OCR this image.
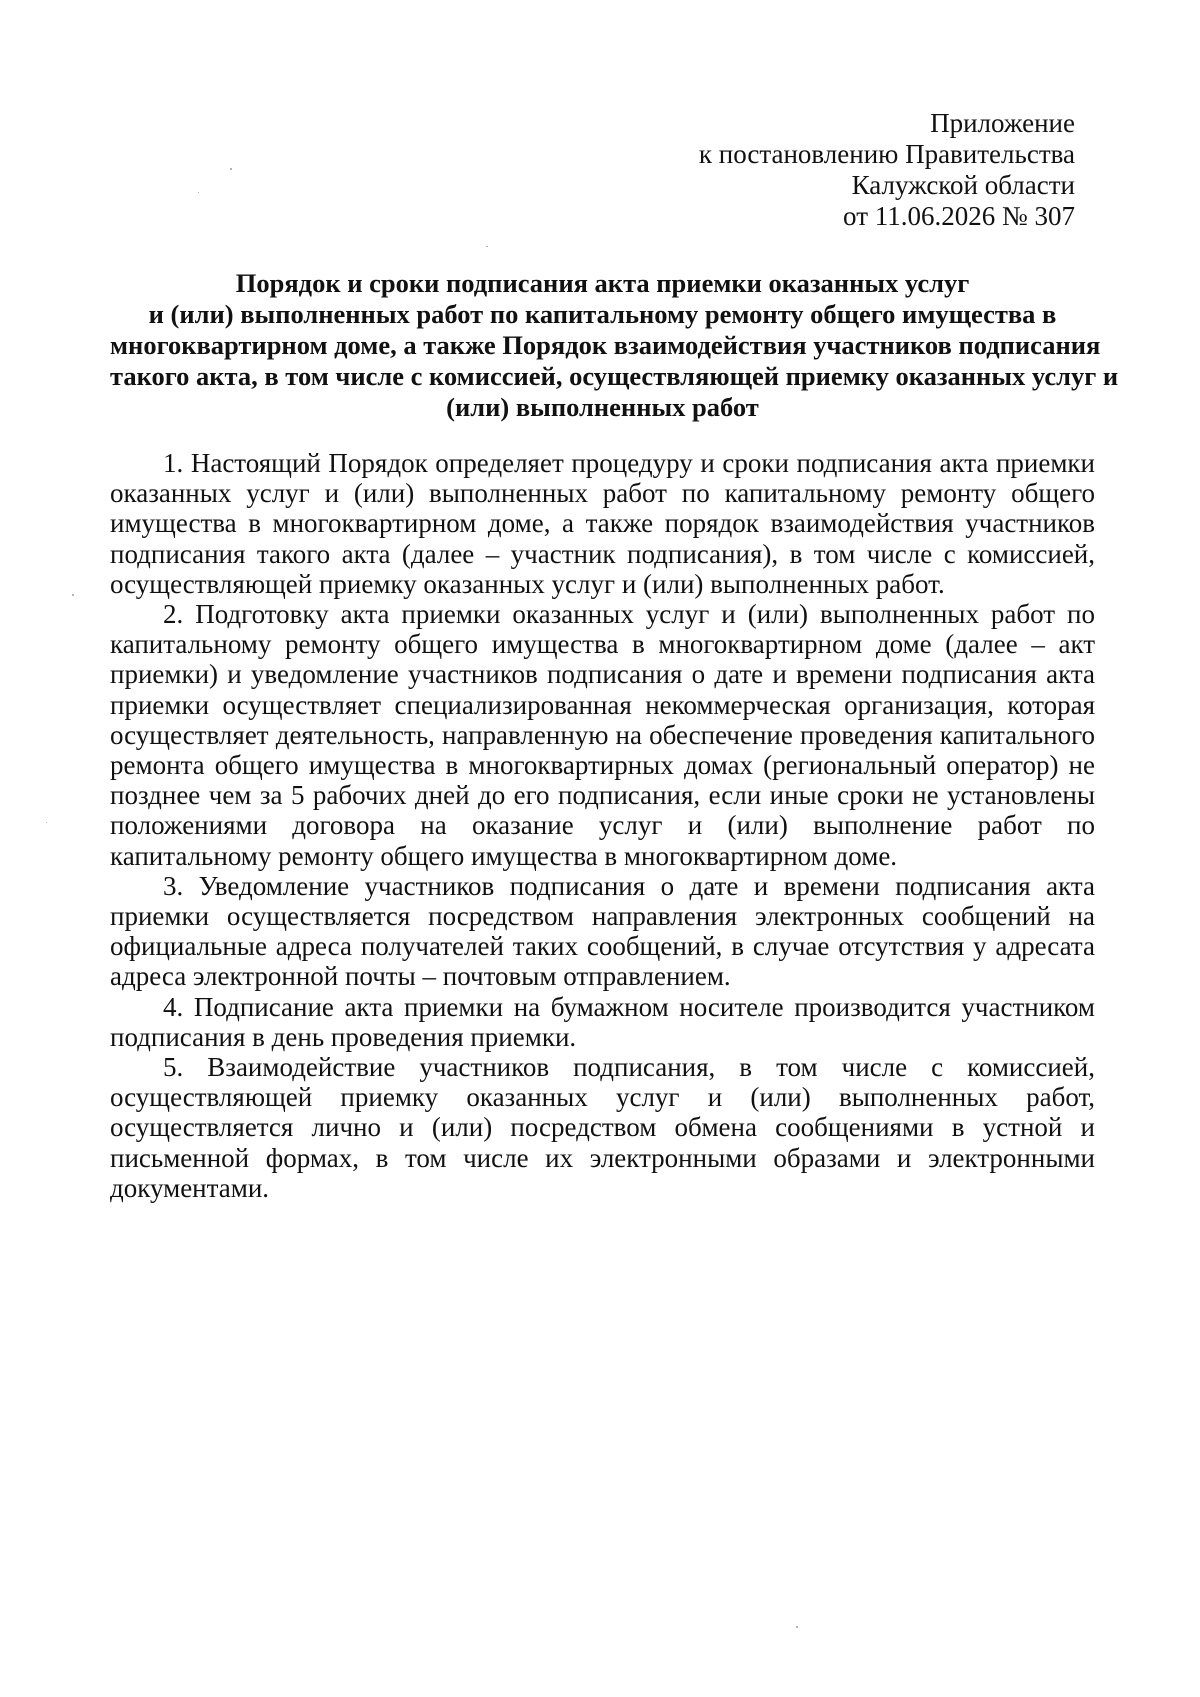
Приложение
к постановлению Правительства
Калужской области
от 11.06.2026 № 307
Порядок и сроки подписания акта приемки оказанных услуг
и (или) выполненных работ по капитальному ремонту общего имущества в
многоквартирном доме, а также Порядок взаимодействия участников подписания
такого акта, в том числе с комиссией, осуществляющей приемку оказанных услуг и
(или) выполненных работ

1. Настоящий Порядок определяет процедуру и сроки подписания акта приемки оказанных услуг и (или) выполненных работ по капитальному ремонту общего имущества в многоквартирном доме, а также порядок взаимодействия участников подписания такого акта (далее – участник подписания), в том числе с комиссией, осуществляющей приемку оказанных услуг и (или) выполненных работ.

2. Подготовку акта приемки оказанных услуг и (или) выполненных работ по капитальному ремонту общего имущества в многоквартирном доме (далее – акт приемки) и уведомление участников подписания о дате и времени подписания акта приемки осуществляет специализированная некоммерческая организация, которая осуществляет деятельность, направленную на обеспечение проведения капитального ремонта общего имущества в многоквартирных домах (региональный оператор) не позднее чем за 5 рабочих дней до его подписания, если иные сроки не установлены положениями договора на оказание услуг и (или) выполнение работ по капитальному ремонту общего имущества в многоквартирном доме.

3. Уведомление участников подписания о дате и времени подписания акта приемки осуществляется посредством направления электронных сообщений на официальные адреса получателей таких сообщений, в случае отсутствия у адресата адреса электронной почты – почтовым отправлением.

4. Подписание акта приемки на бумажном носителе производится участником подписания в день проведения приемки.

5. Взаимодействие участников подписания, в том числе с комиссией, осуществляющей приемку оказанных услуг и (или) выполненных работ, осуществляется лично и (или) посредством обмена сообщениями в устной и письменной формах, в том числе их электронными образами и электронными документами.
